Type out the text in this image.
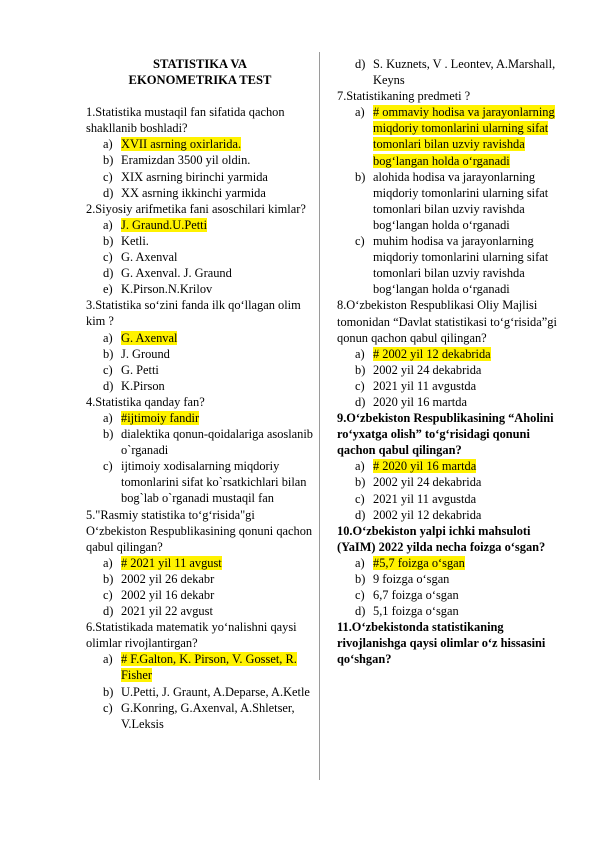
STATISTIKA VA
EKONOMETRIKA TEST
1.Statistika mustaqil fan sifatida qachon shakllanib boshladi?
a) XVII asrning oxirlarida.
b) Eramizdan 3500 yil oldin.
c) XIX asrning birinchi yarmida
d) XX asrning ikkinchi yarmida
2.Siyosiy arifmetika fani asoschilari kimlar?
a) J. Graund.U.Petti
b) Ketli.
c) G. Axenval
d) G. Axenval. J. Graund
e) K.Pirson.N.Krilov
3.Statistika so‘zini fanda ilk qo‘llagan olim kim ?
a) G. Axenval
b) J. Ground
c) G. Petti
d) K.Pirson
4.Statistika qanday fan?
a) #ijtimoiy fandir
b) dialektika qonun-qoidalariga asoslanib o`rganadi
c) ijtimoiy xodisalarning miqdoriy tomonlarini sifat ko`rsatkichlari bilan bog`lab o`rganadi mustaqil fan
5."Rasmiy statistika to‘g‘risida"gi O‘zbekiston Respublikasining qonuni qachon qabul qilingan?
a) # 2021 yil 11 avgust
b) 2002 yil 26 dekabr
c) 2002 yil 16 dekabr
d) 2021 yil 22 avgust
6.Statistikada matematik yo‘nalishni qaysi olimlar rivojlantirgan?
a) # F.Galton, K. Pirson, V. Gosset, R. Fisher
b) U.Petti, J. Graunt, A.Deparse, A.Ketle
c) G.Konring, G.Axenval, A.Shletser, V.Leksis
d) S. Kuznets, V . Leontev, A.Marshall, Keyns
7.Statistikaning predmeti ?
a) # ommaviy hodisa va jarayonlarning miqdoriy tomonlarini ularning sifat tomonlari bilan uzviy ravishda bog‘langan holda o‘rganadi
b) alohida hodisa va jarayonlarning miqdoriy tomonlarini ularning sifat tomonlari bilan uzviy ravishda bog‘langan holda o‘rganadi
c) muhim hodisa va jarayonlarning miqdoriy tomonlarini ularning sifat tomonlari bilan uzviy ravishda bog‘langan holda o‘rganadi
8.O‘zbekiston Respublikasi Oliy Majlisi tomonidan “Davlat statistikasi to‘g‘risida”gi qonun qachon qabul qilingan?
a) # 2002 yil 12 dekabrida
b) 2002 yil 24 dekabrida
c) 2021 yil 11 avgustda
d) 2020 yil 16 martda
9.O‘zbekiston Respublikasining “Aholini ro‘yxatga olish” to‘g‘risidagi qonuni qachon qabul qilingan?
a) # 2020 yil 16 martda
b) 2002 yil 24 dekabrida
c) 2021 yil 11 avgustda
d) 2002 yil 12 dekabrida
10.O‘zbekiston yalpi ichki mahsuloti (YaIM) 2022 yilda necha foizga o‘sgan?
a) #5,7 foizga o‘sgan
b) 9 foizga o‘sgan
c) 6,7 foizga o‘sgan
d) 5,1 foizga o‘sgan
11.O‘zbekistonda statistikaning rivojlanishga qaysi olimlar o‘z hissasini qo‘shgan?
